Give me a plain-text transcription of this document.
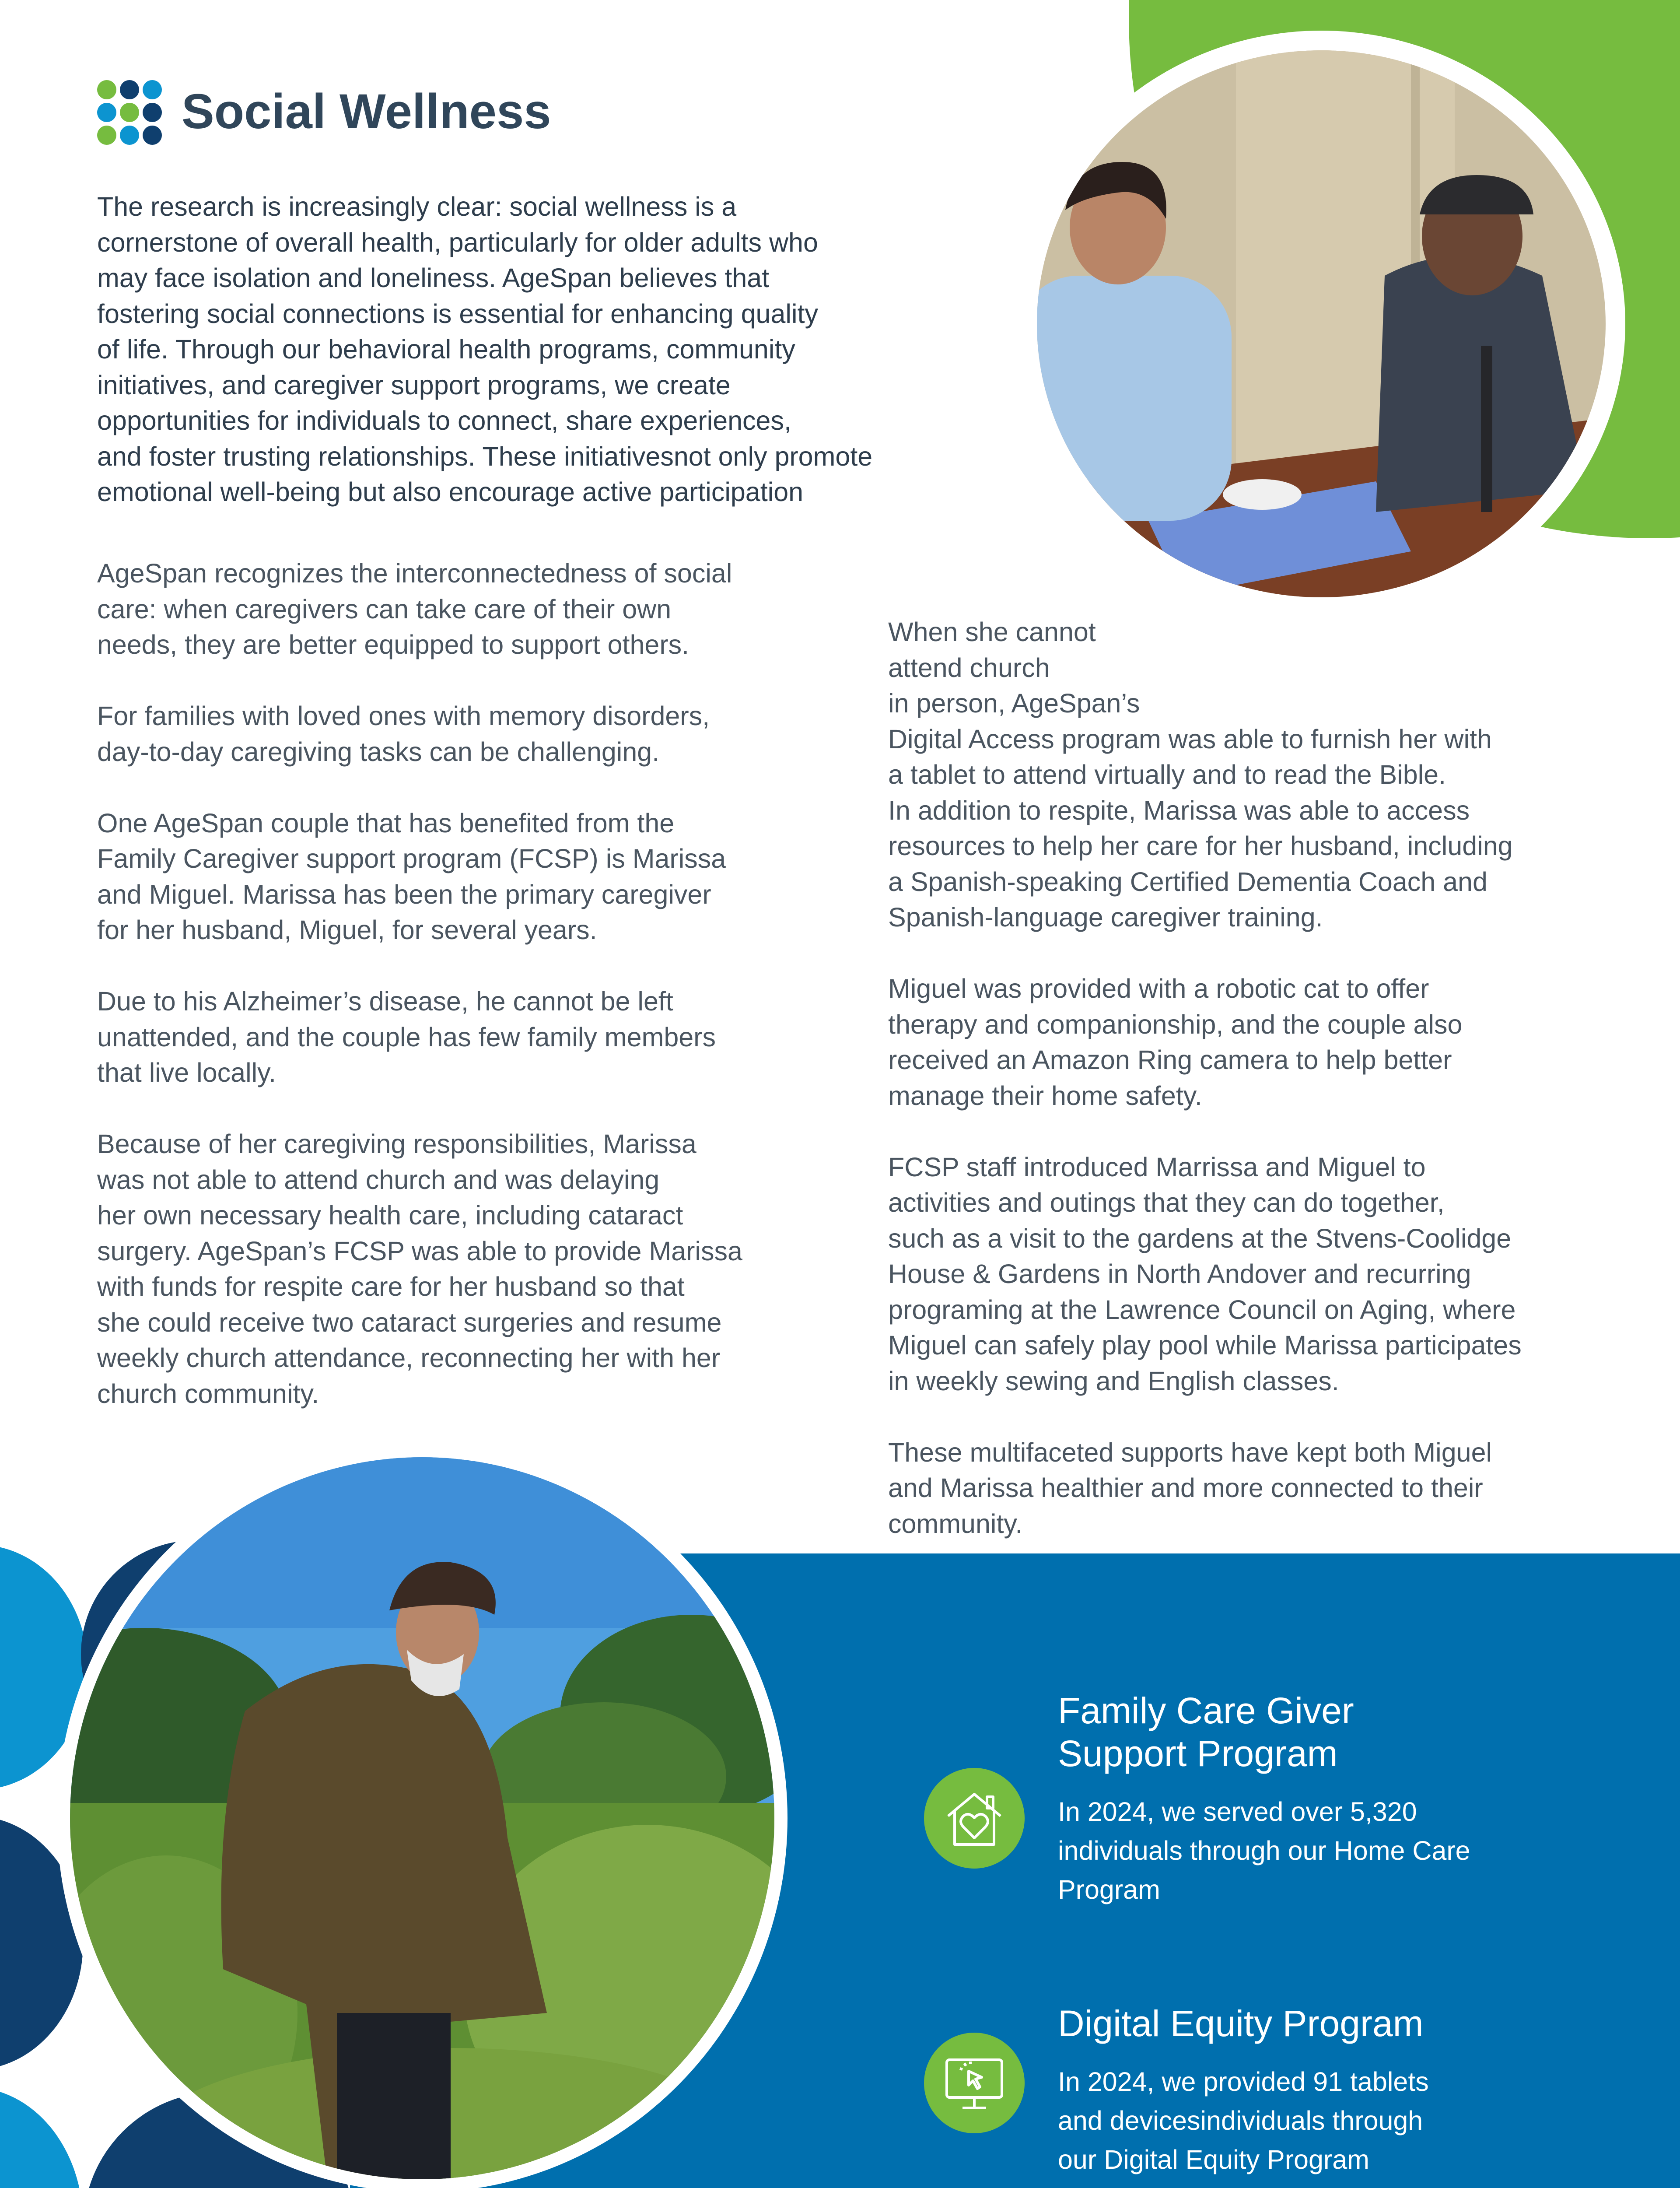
Social Wellness
The research is increasingly clear: social wellness is a
cornerstone of overall health, particularly for older adults who
may face isolation and loneliness. AgeSpan believes that
fostering social connections is essential for enhancing quality
of life. Through our behavioral health programs, community
initiatives, and caregiver support programs, we create
opportunities for individuals to connect, share experiences,
and foster trusting relationships. These initiativesnot only promote
emotional well-being but also encourage active participation
AgeSpan recognizes the interconnectedness of social
care: when caregivers can take care of their own
needs, they are better equipped to support others.
For families with loved ones with memory disorders,
day-to-day caregiving tasks can be challenging.
One AgeSpan couple that has benefited from the
Family Caregiver support program (FCSP) is Marissa
and Miguel. Marissa has been the primary caregiver
for her husband, Miguel, for several years.
Due to his Alzheimer’s disease, he cannot be left
unattended, and the couple has few family members
that live locally.
Because of her caregiving responsibilities, Marissa
was not able to attend church and was delaying
her own necessary health care, including cataract
surgery. AgeSpan’s FCSP was able to provide Marissa
with funds for respite care for her husband so that
she could receive two cataract surgeries and resume
weekly church attendance, reconnecting her with her
church community.
When she cannot
attend church
in person, AgeSpan’s
Digital Access program was able to furnish her with
a tablet to attend virtually and to read the Bible.
In addition to respite, Marissa was able to access
resources to help her care for her husband, including
a Spanish-speaking Certified Dementia Coach and
Spanish-language caregiver training.
Miguel was provided with a robotic cat to offer
therapy and companionship, and the couple also
received an Amazon Ring camera to help better
manage their home safety.
FCSP staff introduced Marrissa and Miguel to
activities and outings that they can do together,
such as a visit to the gardens at the Stvens-Coolidge
House & Gardens in North Andover and recurring
programing at the Lawrence Council on Aging, where
Miguel can safely play pool while Marissa participates
in weekly sewing and English classes.
These multifaceted supports have kept both Miguel
and Marissa healthier and more connected to their
community.
Family Care Giver
Support Program
In 2024, we served over 5,320
individuals through our Home Care
Program
Digital Equity Program
In 2024, we provided 91 tablets
and devicesindividuals through
our Digital Equity Program
